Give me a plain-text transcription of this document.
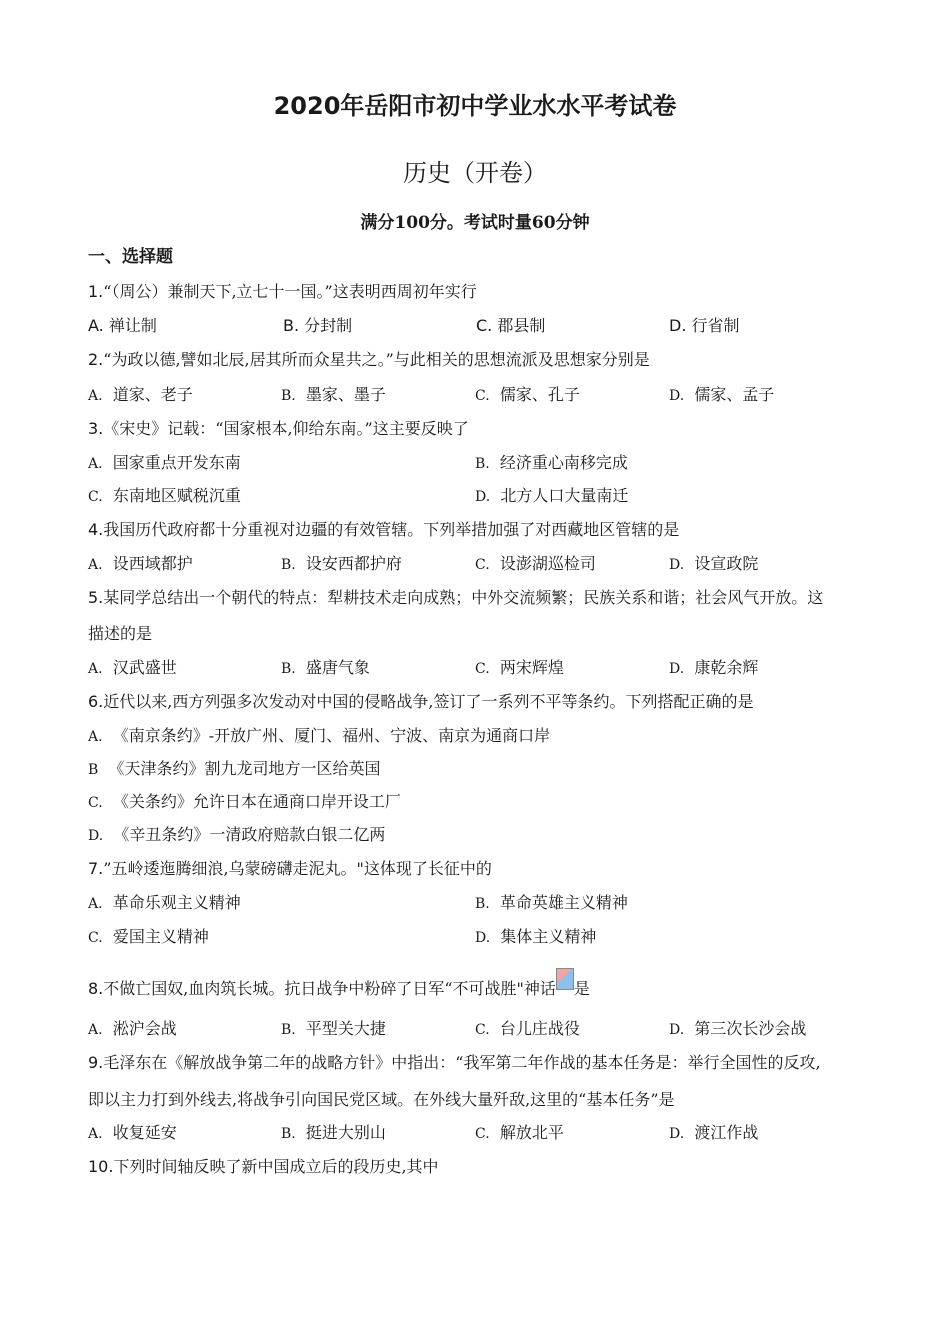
2020年岳阳市初中学业水水平考试卷
历史（开卷）
满分100分。考试时量60分钟
一、选择题
1.“（周公）兼制天下,立七十一国。”这表明西周初年实行
A. 禅让制	B. 分封制	C. 郡县制	D. 行省制
2.“为政以德,譬如北辰,居其所而众星共之。”与此相关的思想流派及思想家分别是
A. 道家、老子	B. 墨家、墨子	C. 儒家、孔子	D. 儒家、孟子
3.《宋史》记载：“国家根本,仰给东南。”这主要反映了
A. 国家重点开发东南	B. 经济重心南移完成
C. 东南地区赋税沉重	D. 北方人口大量南迁
4.我国历代政府都十分重视对边疆的有效管辖。下列举措加强了对西藏地区管辖的是
A. 设西域都护	B. 设安西都护府	C. 设澎湖巡检司	D. 设宣政院
5.某同学总结出一个朝代的特点：犁耕技术走向成熟；中外交流频繁；民族关系和谐；社会风气开放。这
描述的是
A. 汉武盛世	B. 盛唐气象	C. 两宋辉煌	D. 康乾余辉
6.近代以来,西方列强多次发动对中国的侵略战争,签订了一系列不平等条约。下列搭配正确的是
A. 《南京条约》-开放广州、厦门、福州、宁波、南京为通商口岸
B 《天津条约》割九龙司地方一区给英国
C. 《关条约》允许日本在通商口岸开设工厂
D. 《辛丑条约》一清政府赔款白银二亿两
7.”五岭逶迤腾细浪,乌蒙磅礴走泥丸。"这体现了长征中的
A. 革命乐观主义精神	B. 革命英雄主义精神
C. 爱国主义精神	D. 集体主义精神
8.不做亡国奴,血肉筑长城。抗日战争中粉碎了日军“不可战胜"神话 是
A. 淞沪会战	B. 平型关大捷	C. 台儿庄战役	D. 第三次长沙会战
9.毛泽东在《解放战争第二年的战略方针》中指出：“我军第二年作战的基本任务是：举行全国性的反攻,
即以主力打到外线去,将战争引向国民党区域。在外线大量歼敌,这里的“基本任务”是
A. 收复延安	B. 挺进大别山	C. 解放北平	D. 渡江作战
10.下列时间轴反映了新中国成立后的段历史,其中
